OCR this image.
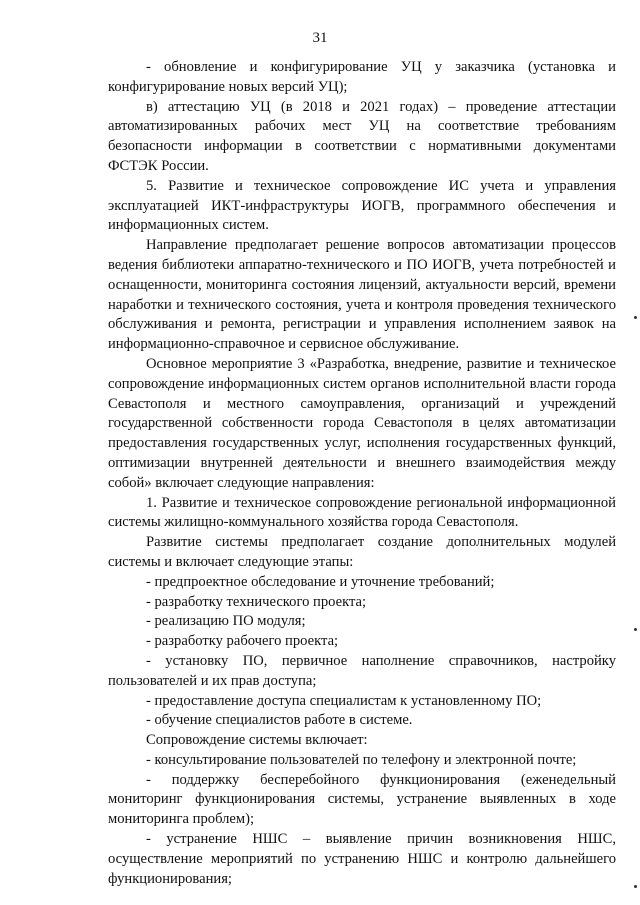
31

- обновление и конфигурирование УЦ у заказчика (установка и конфигурирование новых версий УЦ);

в) аттестацию УЦ (в 2018 и 2021 годах) – проведение аттестации автоматизированных рабочих мест УЦ на соответствие требованиям безопасности информации в соответствии с нормативными документами ФСТЭК России.

5. Развитие и техническое сопровождение ИС учета и управления эксплуатацией ИКТ-инфраструктуры ИОГВ, программного обеспечения и информационных систем.

Направление предполагает решение вопросов автоматизации процессов ведения библиотеки аппаратно-технического и ПО ИОГВ, учета потребностей и оснащенности, мониторинга состояния лицензий, актуальности версий, времени наработки и технического состояния, учета и контроля проведения технического обслуживания и ремонта, регистрации и управления исполнением заявок на информационно-справочное и сервисное обслуживание.

Основное мероприятие 3 «Разработка, внедрение, развитие и техническое сопровождение информационных систем органов исполнительной власти города Севастополя и местного самоуправления, организаций и учреждений государственной собственности города Севастополя в целях автоматизации предоставления государственных услуг, исполнения государственных функций, оптимизации внутренней деятельности и внешнего взаимодействия между собой» включает следующие направления:

1. Развитие и техническое сопровождение региональной информационной системы жилищно-коммунального хозяйства города Севастополя.

Развитие системы предполагает создание дополнительных модулей системы и включает следующие этапы:

- предпроектное обследование и уточнение требований;

- разработку технического проекта;

- реализацию ПО модуля;

- разработку рабочего проекта;

- установку ПО, первичное наполнение справочников, настройку пользователей и их прав доступа;

- предоставление доступа специалистам к установленному ПО;

- обучение специалистов работе в системе.

Сопровождение системы включает:

- консультирование пользователей по телефону и электронной почте;

- поддержку бесперебойного функционирования (еженедельный мониторинг функционирования системы, устранение выявленных в ходе мониторинга проблем);

- устранение НШС – выявление причин возникновения НШС, осуществление мероприятий по устранению НШС и контролю дальнейшего функционирования;
